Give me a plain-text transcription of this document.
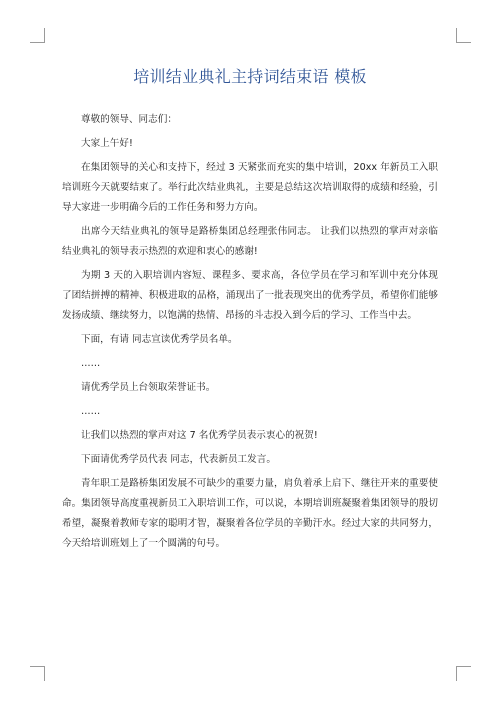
培训结业典礼主持词结束语 模板

尊敬的领导、同志们：

大家上午好!

在集团领导的关心和支持下，经过 3 天紧张而充实的集中培训，20xx 年新员工入职培训班今天就要结束了。举行此次结业典礼，主要是总结这次培训取得的成绩和经验，引导大家进一步明确今后的工作任务和努力方向。

出席今天结业典礼的领导是路桥集团总经理张伟同志。 让我们以热烈的掌声对亲临结业典礼的领导表示热烈的欢迎和衷心的感谢!

为期 3 天的入职培训内容短、课程多、要求高，各位学员在学习和军训中充分体现了团结拼搏的精神、积极进取的品格，涌现出了一批表现突出的优秀学员，希望你们能够发扬成绩、继续努力，以饱满的热情、昂扬的斗志投入到今后的学习、工作当中去。

下面，有请 同志宣读优秀学员名单。

……

请优秀学员上台领取荣誉证书。

……

让我们以热烈的掌声对这 7 名优秀学员表示衷心的祝贺!

下面请优秀学员代表 同志，代表新员工发言。

青年职工是路桥集团发展不可缺少的重要力量，肩负着承上启下、继往开来的重要使命。集团领导高度重视新员工入职培训工作，可以说，本期培训班凝聚着集团领导的殷切希望，凝聚着教师专家的聪明才智，凝聚着各位学员的辛勤汗水。经过大家的共同努力，今天给培训班划上了一个圆满的句号。
